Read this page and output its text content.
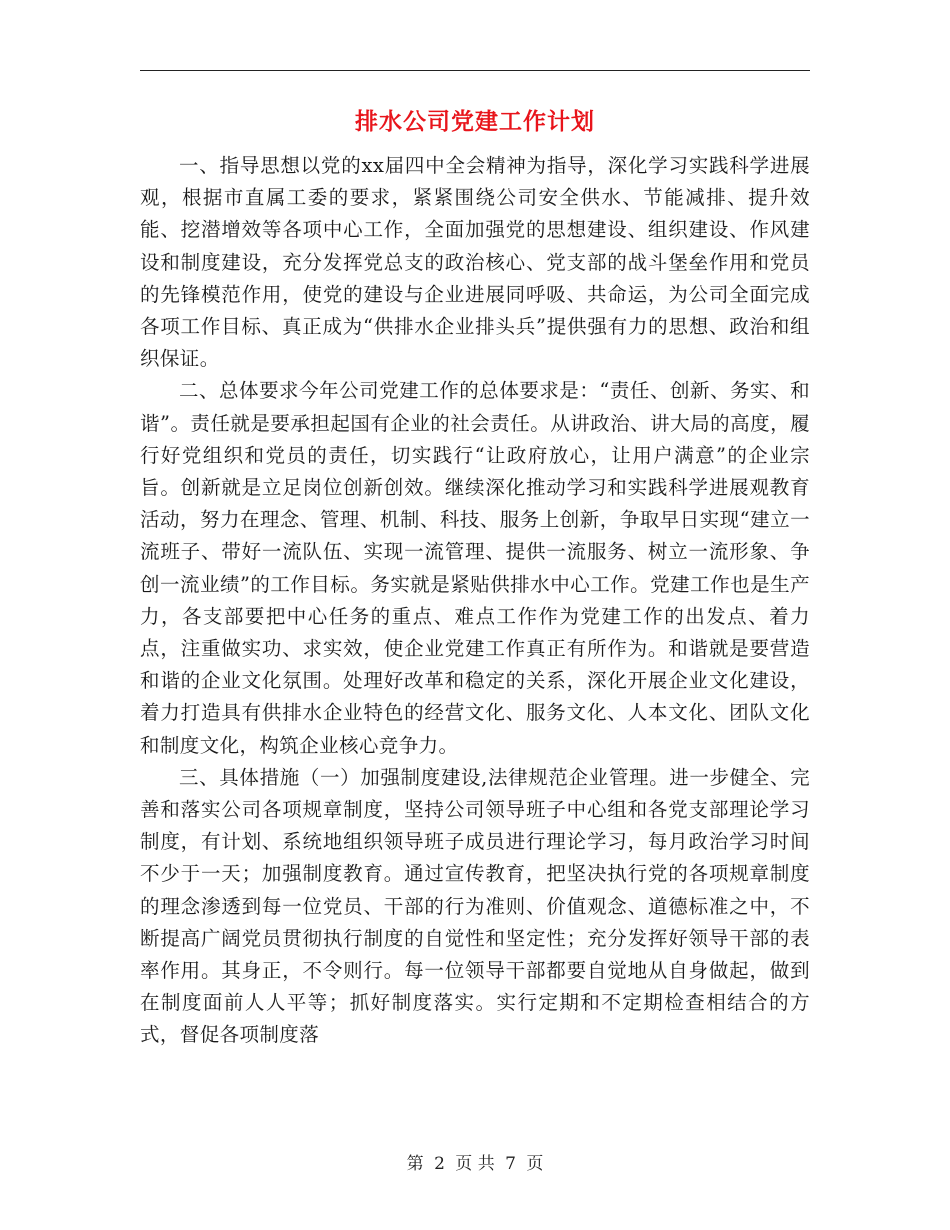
排水公司党建工作计划

一、指导思想以党的xx届四中全会精神为指导，深化学习实践科学进展观，根据市直属工委的要求，紧紧围绕公司安全供水、节能减排、提升效能、挖潜增效等各项中心工作，全面加强党的思想建设、组织建设、作风建设和制度建设，充分发挥党总支的政治核心、党支部的战斗堡垒作用和党员的先锋模范作用，使党的建设与企业进展同呼吸、共命运，为公司全面完成各项工作目标、真正成为“供排水企业排头兵”提供强有力的思想、政治和组织保证。

二、总体要求今年公司党建工作的总体要求是：“责任、创新、务实、和谐”。责任就是要承担起国有企业的社会责任。从讲政治、讲大局的高度，履行好党组织和党员的责任，切实践行“让政府放心，让用户满意”的企业宗旨。创新就是立足岗位创新创效。继续深化推动学习和实践科学进展观教育活动，努力在理念、管理、机制、科技、服务上创新，争取早日实现“建立一流班子、带好一流队伍、实现一流管理、提供一流服务、树立一流形象、争创一流业绩”的工作目标。务实就是紧贴供排水中心工作。党建工作也是生产力，各支部要把中心任务的重点、难点工作作为党建工作的出发点、着力点，注重做实功、求实效，使企业党建工作真正有所作为。和谐就是要营造和谐的企业文化氛围。处理好改革和稳定的关系，深化开展企业文化建设，着力打造具有供排水企业特色的经营文化、服务文化、人本文化、团队文化和制度文化，构筑企业核心竞争力。

三、具体措施（一）加强制度建设,法律规范企业管理。进一步健全、完善和落实公司各项规章制度，坚持公司领导班子中心组和各党支部理论学习制度，有计划、系统地组织领导班子成员进行理论学习，每月政治学习时间不少于一天；加强制度教育。通过宣传教育，把坚决执行党的各项规章制度的理念渗透到每一位党员、干部的行为准则、价值观念、道德标准之中，不断提高广阔党员贯彻执行制度的自觉性和坚定性；充分发挥好领导干部的表率作用。其身正，不令则行。每一位领导干部都要自觉地从自身做起，做到在制度面前人人平等；抓好制度落实。实行定期和不定期检查相结合的方式，督促各项制度落

第 2 页 共 7 页
